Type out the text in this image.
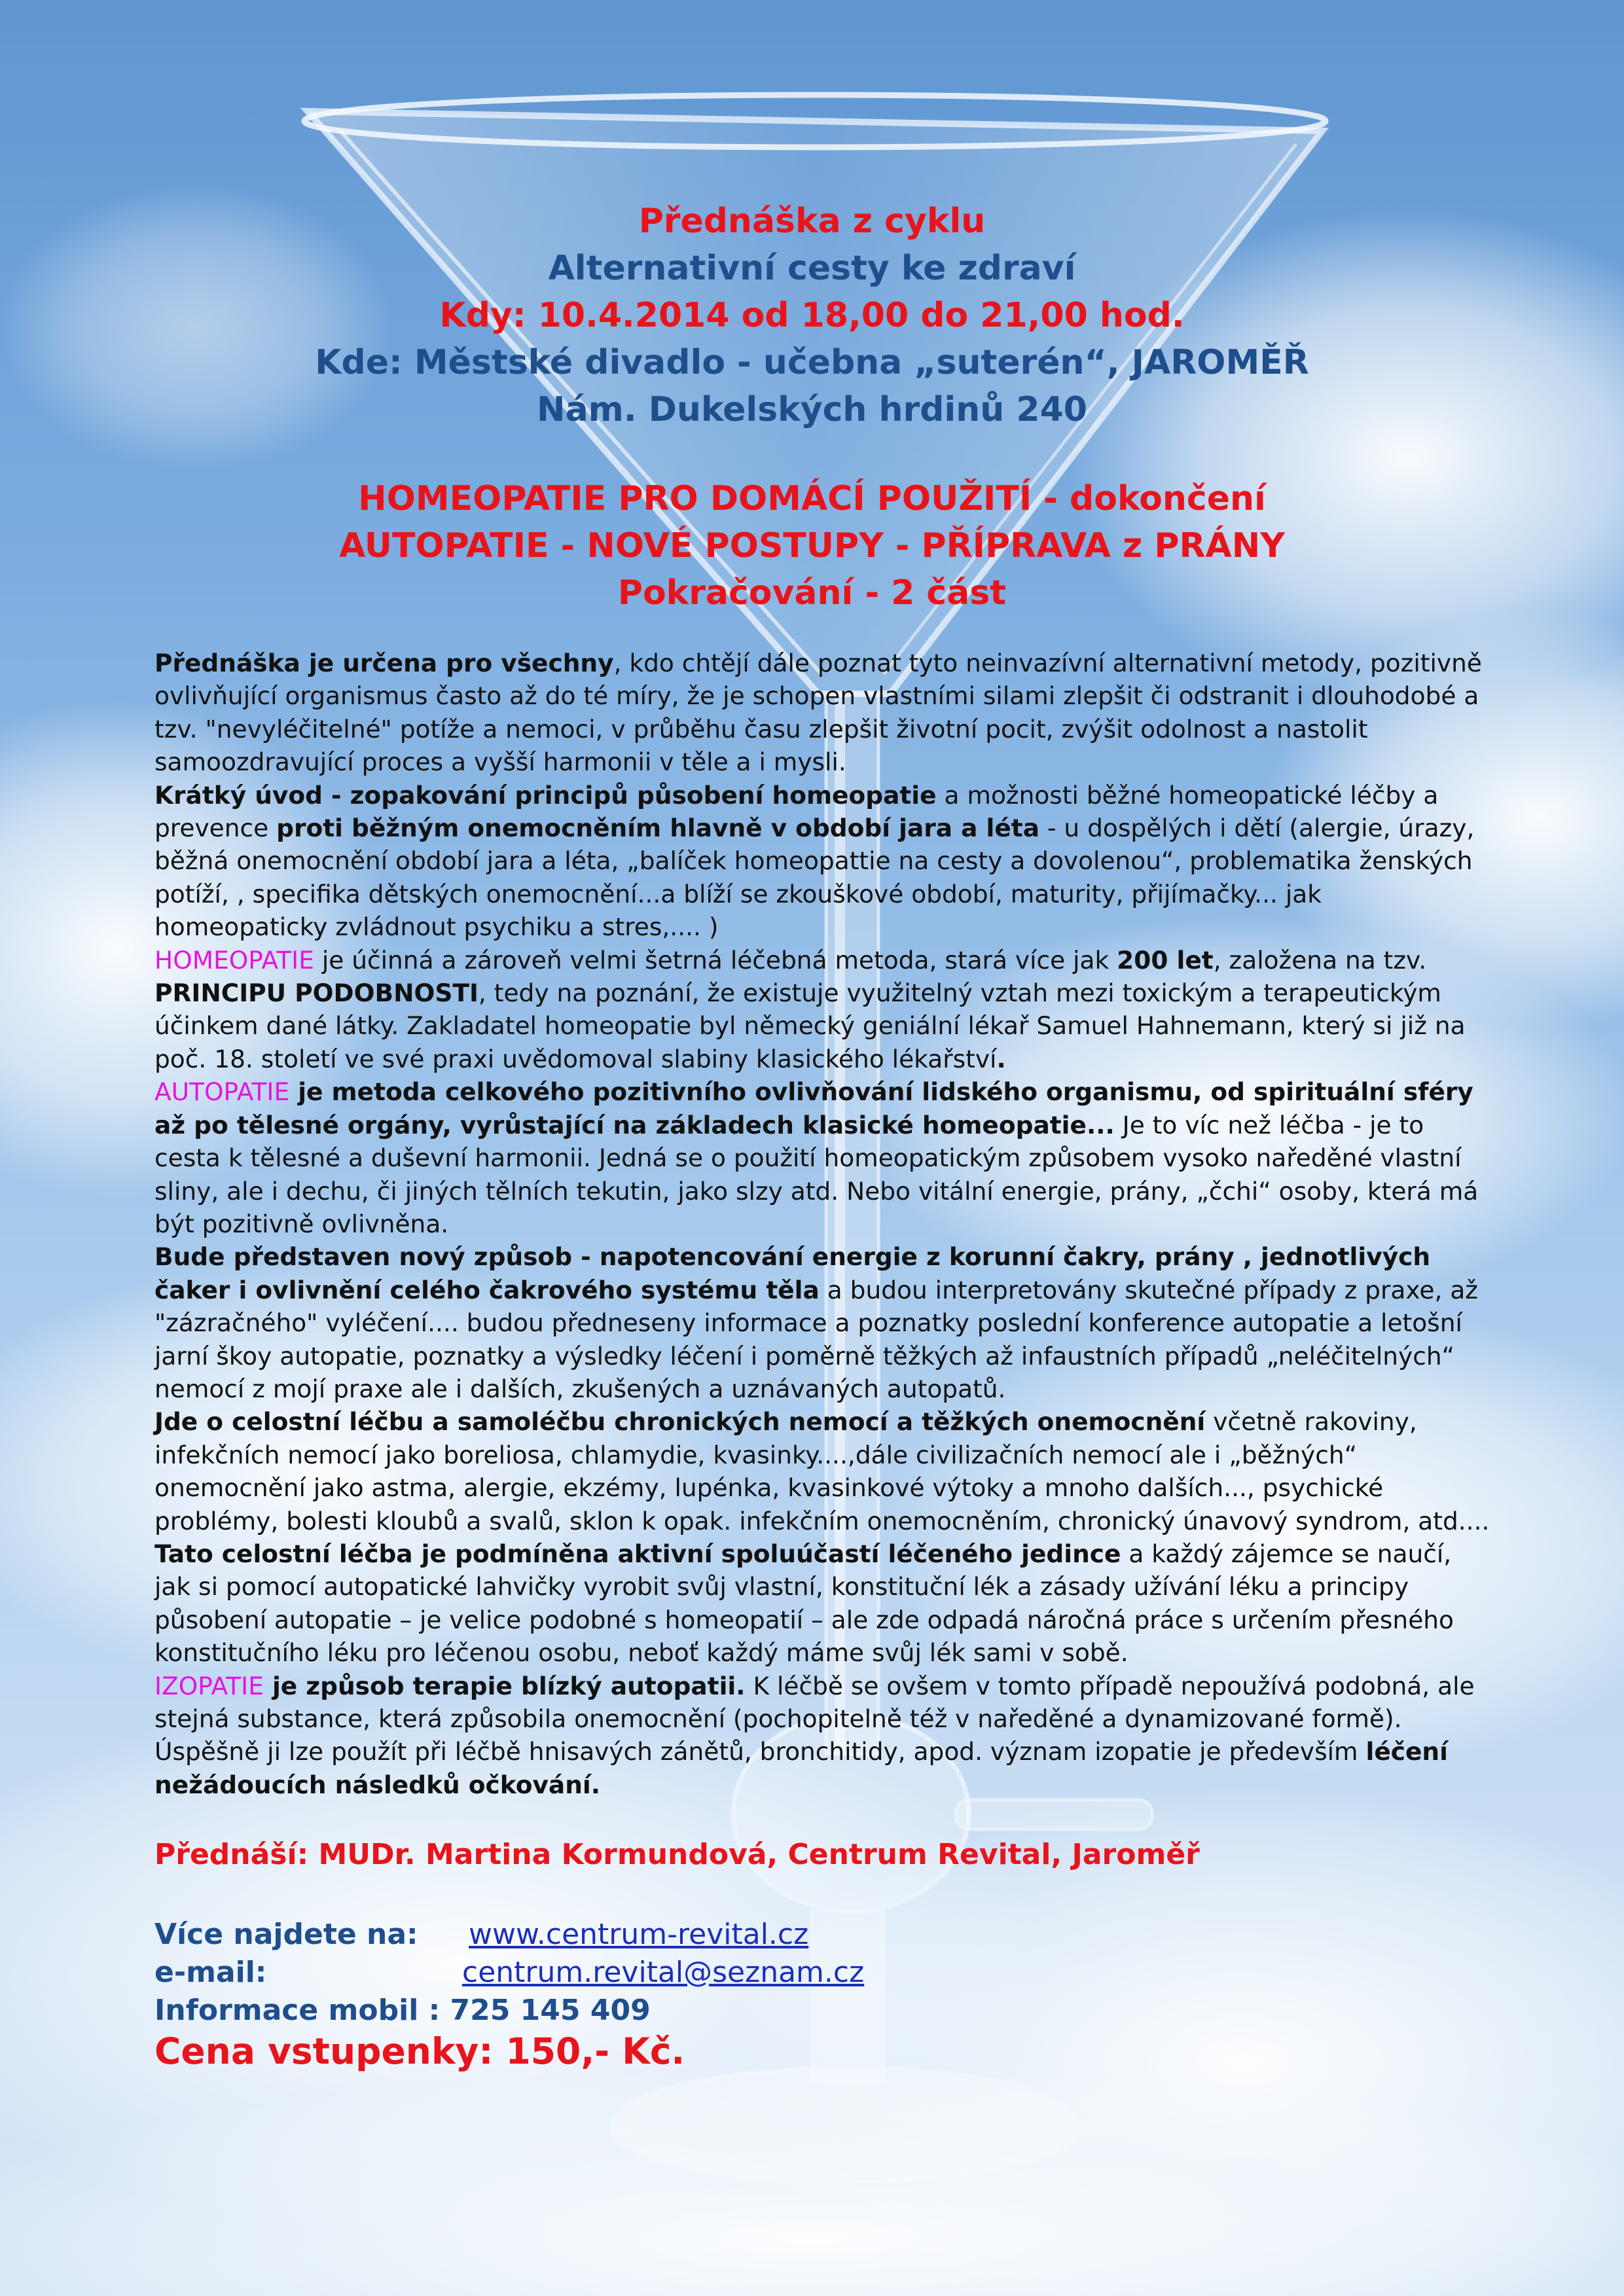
Přednáška z cyklu
Alternativní cesty ke zdraví
Kdy: 10.4.2014 od 18,00 do 21,00 hod.
Kde: Městské divadlo - učebna „suterén“, JAROMĚŘ
Nám. Dukelských hrdinů 240
HOMEOPATIE PRO DOMÁCÍ POUŽITÍ - dokončení
AUTOPATIE - NOVÉ POSTUPY - PŘÍPRAVA z PRÁNY
Pokračování - 2 část

Přednáška je určena pro všechny, kdo chtějí dále poznat tyto neinvazívní alternativní metody, pozitivně ovlivňující organismus často až do té míry, že je schopen vlastními silami zlepšit či odstranit i dlouhodobé a tzv. "nevyléčitelné" potíže a nemoci, v průběhu času zlepšit životní pocit, zvýšit odolnost a nastolit samoozdravující proces a vyšší harmonii v těle a i mysli.

Krátký úvod - zopakování principů působení homeopatie a možnosti běžné homeopatické léčby a prevence proti běžným onemocněním hlavně v období jara a léta - u dospělých i dětí (alergie, úrazy, běžná onemocnění období jara a léta, „balíček homeopattie na cesty a dovolenou“, problematika ženských potíží, , specifika dětských onemocnění...a blíží se zkouškové období, maturity, přijímačky... jak homeopaticky zvládnout psychiku a stres,.... )

HOMEOPATIE je účinná a zároveň velmi šetrná léčebná metoda, stará více jak 200 let, založena na tzv. PRINCIPU PODOBNOSTI, tedy na poznání, že existuje využitelný vztah mezi toxickým a terapeutickým účinkem dané látky. Zakladatel homeopatie byl německý geniální lékař Samuel Hahnemann, který si již na poč. 18. století ve své praxi uvědomoval slabiny klasického lékařství.

AUTOPATIE je metoda celkového pozitivního ovlivňování lidského organismu, od spirituální sféry až po tělesné orgány, vyrůstající na základech klasické homeopatie... Je to víc než léčba - je to cesta k tělesné a duševní harmonii. Jedná se o použití homeopatickým způsobem vysoko naředěné vlastní sliny, ale i dechu, či jiných tělních tekutin, jako slzy atd. Nebo vitální energie, prány, „čchi“ osoby, která má být pozitivně ovlivněna.

Bude představen nový způsob - napotencování energie z korunní čakry, prány , jednotlivých čaker i ovlivnění celého čakrového systému těla a budou interpretovány skutečné případy z praxe, až "zázračného" vyléčení.... budou předneseny informace a poznatky poslední konference autopatie a letošní jarní škoy autopatie, poznatky a výsledky léčení i poměrně těžkých až infaustních případů „neléčitelných“ nemocí z mojí praxe ale i dalších, zkušených a uznávaných autopatů.

Jde o celostní léčbu a samoléčbu chronických nemocí a těžkých onemocnění včetně rakoviny, infekčních nemocí jako boreliosa, chlamydie, kvasinky....,dále civilizačních nemocí ale i „běžných“ onemocnění jako astma, alergie, ekzémy, lupénka, kvasinkové výtoky a mnoho dalších..., psychické problémy, bolesti kloubů a svalů, sklon k opak. infekčním onemocněním, chronický únavový syndrom, atd....

Tato celostní léčba je podmíněna aktivní spoluúčastí léčeného jedince a každý zájemce se naučí, jak si pomocí autopatické lahvičky vyrobit svůj vlastní, konstituční lék a zásady užívání léku a principy působení autopatie – je velice podobné s homeopatií – ale zde odpadá náročná práce s určením přesného konstitučního léku pro léčenou osobu, neboť každý máme svůj lék sami v sobě.

IZOPATIE je způsob terapie blízký autopatii. K léčbě se ovšem v tomto případě nepoužívá podobná, ale stejná substance, která způsobila onemocnění (pochopitelně též v naředěné a dynamizované formě). Úspěšně ji lze použít při léčbě hnisavých zánětů, bronchitidy, apod. význam izopatie je především léčení nežádoucích následků očkování.

Přednáší: MUDr. Martina Kormundová, Centrum Revital, Jaroměř
Více najdete na: www.centrum-revital.cz
e-mail:	centrum.revital@seznam.cz
Informace mobil : 725 145 409
Cena vstupenky: 150,- Kč.
